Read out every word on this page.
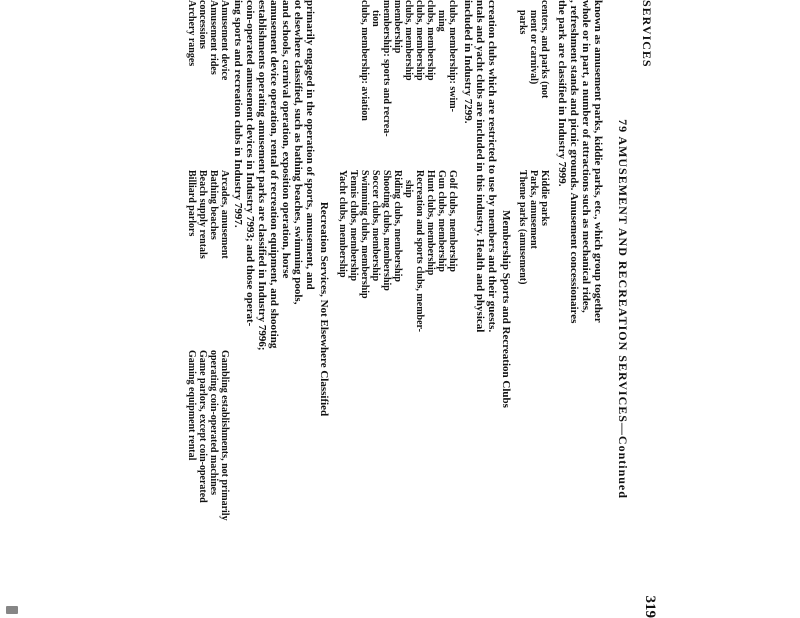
SERVICES
319
79 AMUSEMENT AND RECREATION SERVICES—Continued
known as amusement parks, kiddie parks, etc., which group together
whole or in part, a number of attractions such as mechanical rides,
, refreshment stands and picnic grounds. Amusement concessionaires
the park are classified in Industry 7999.
centers, and parks (not
ment or carnival)
parks
Kiddie parks
Parks, amusement
Theme parks (amusement)
Membership Sports and Recreation Clubs
creation clubs which are restricted to use by members and their guests.
ntals and yacht clubs are included in this industry. Health and physical
included in Industry 7299.
clubs, membership: swim-
ming
clubs, membership
clubs, membership
clubs, membership
membership
membership: sports and recrea-
tion
clubs, membership: aviation
Golf clubs, membership
Gun clubs, membership
Hunt clubs, membership
Recreation and sports clubs, member-
ship
Riding clubs, membership
Shooting clubs, membership
Soccer clubs, membership
Swimming clubs, membership
Tennis clubs, membership
Yacht clubs, membership
Recreation Services, Not Elsewhere Classified
primarily engaged in the operation of sports, amusement, and
ot elsewhere classified, such as bathing beaches, swimming pools,
and schools, carnival operation, exposition operation, horse
amusement device operation, rental of recreation equipment, and shooting
establishments operating amusement parks are classified in Industry 7996;
coin-operated amusement devices in Industry 7993; and those operat-
ing sports and recreation clubs in Industry 7997.
Amusement device
Amusement rides
concessions
Archery ranges
Arcades, amusement
Bathing beaches
Beach supply rentals
Billiard parlors
Gambling establishments, not primarily
operating coin-operated machines
Game parlors, except coin-operated
Gaming equipment rental
